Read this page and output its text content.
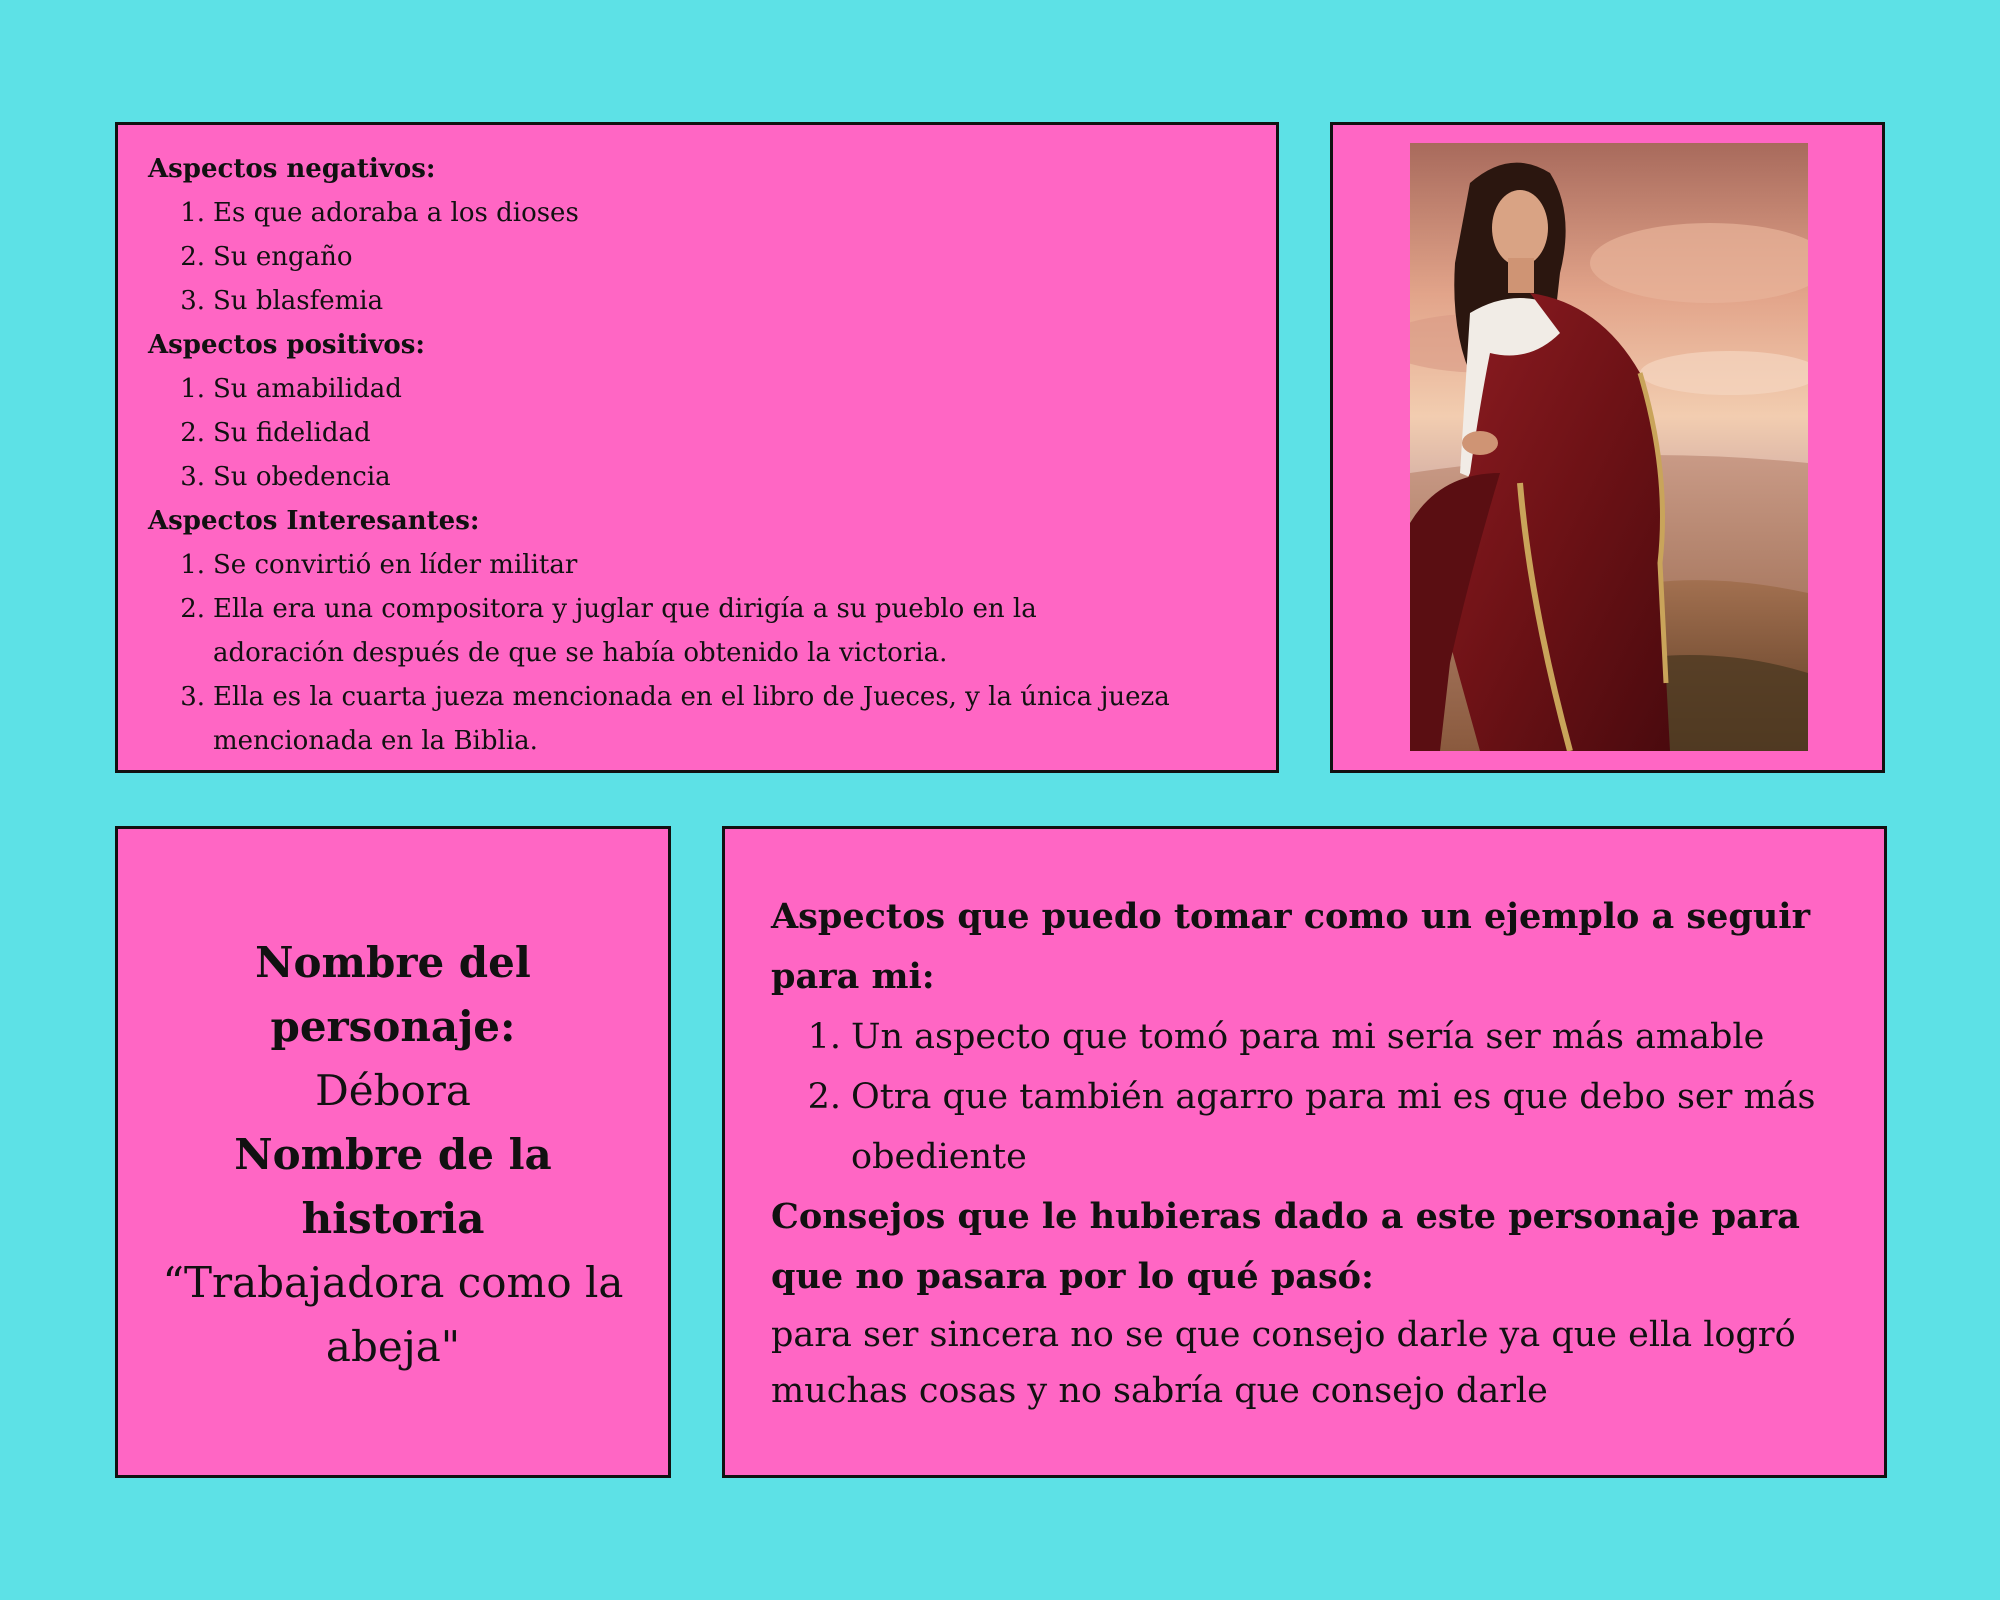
Aspectos negativos:
1. Es que adoraba a los dioses
2. Su engaño
3. Su blasfemia
Aspectos positivos:
1. Su amabilidad
2. Su fidelidad
3. Su obedencia
Aspectos Interesantes:
1. Se convirtió en líder militar
2. Ella era una compositora y juglar que dirigía a su pueblo en la adoración después de que se había obtenido la victoria.
3. Ella es la cuarta jueza mencionada en el libro de Jueces, y la única jueza mencionada en la Biblia.
Nombre del personaje:
Débora
Nombre de la historia
“Trabajadora como la abeja"
Aspectos que puedo tomar como un ejemplo a seguir para mi:
1. Un aspecto que tomó para mi sería ser más amable
2. Otra que también agarro para mi es que debo ser más obediente
Consejos que le hubieras dado a este personaje para que no pasara por lo qué pasó:
para ser sincera no se que consejo darle ya que ella logró muchas cosas y no sabría que consejo darle
